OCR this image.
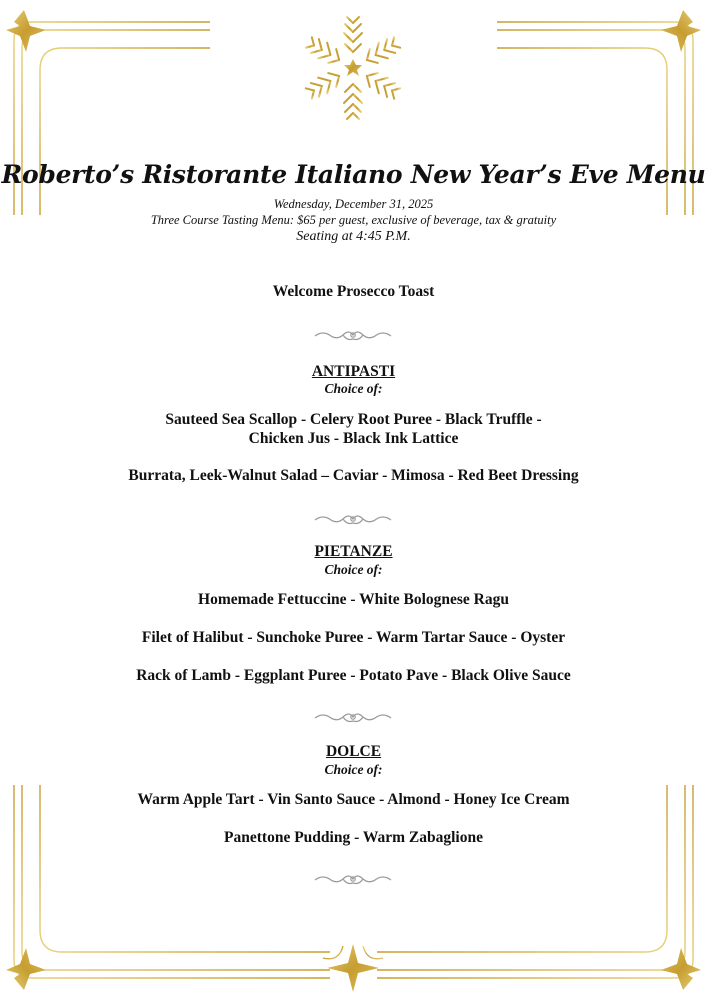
Roberto’s Ristorante Italiano New Year’s Eve Menu
Wednesday, December 31, 2025
Three Course Tasting Menu: $65 per guest, exclusive of beverage, tax & gratuity
Seating at 4:45 P.M.
Welcome Prosecco Toast
ANTIPASTI
Choice of:
Sauteed Sea Scallop - Celery Root Puree - Black Truffle -
Chicken Jus - Black Ink Lattice
Burrata, Leek-Walnut Salad – Caviar - Mimosa - Red Beet Dressing
PIETANZE
Choice of:
Homemade Fettuccine - White Bolognese Ragu
Filet of Halibut - Sunchoke Puree - Warm Tartar Sauce - Oyster
Rack of Lamb - Eggplant Puree - Potato Pave - Black Olive Sauce
DOLCE
Choice of:
Warm Apple Tart - Vin Santo Sauce - Almond - Honey Ice Cream
Panettone Pudding - Warm Zabaglione
